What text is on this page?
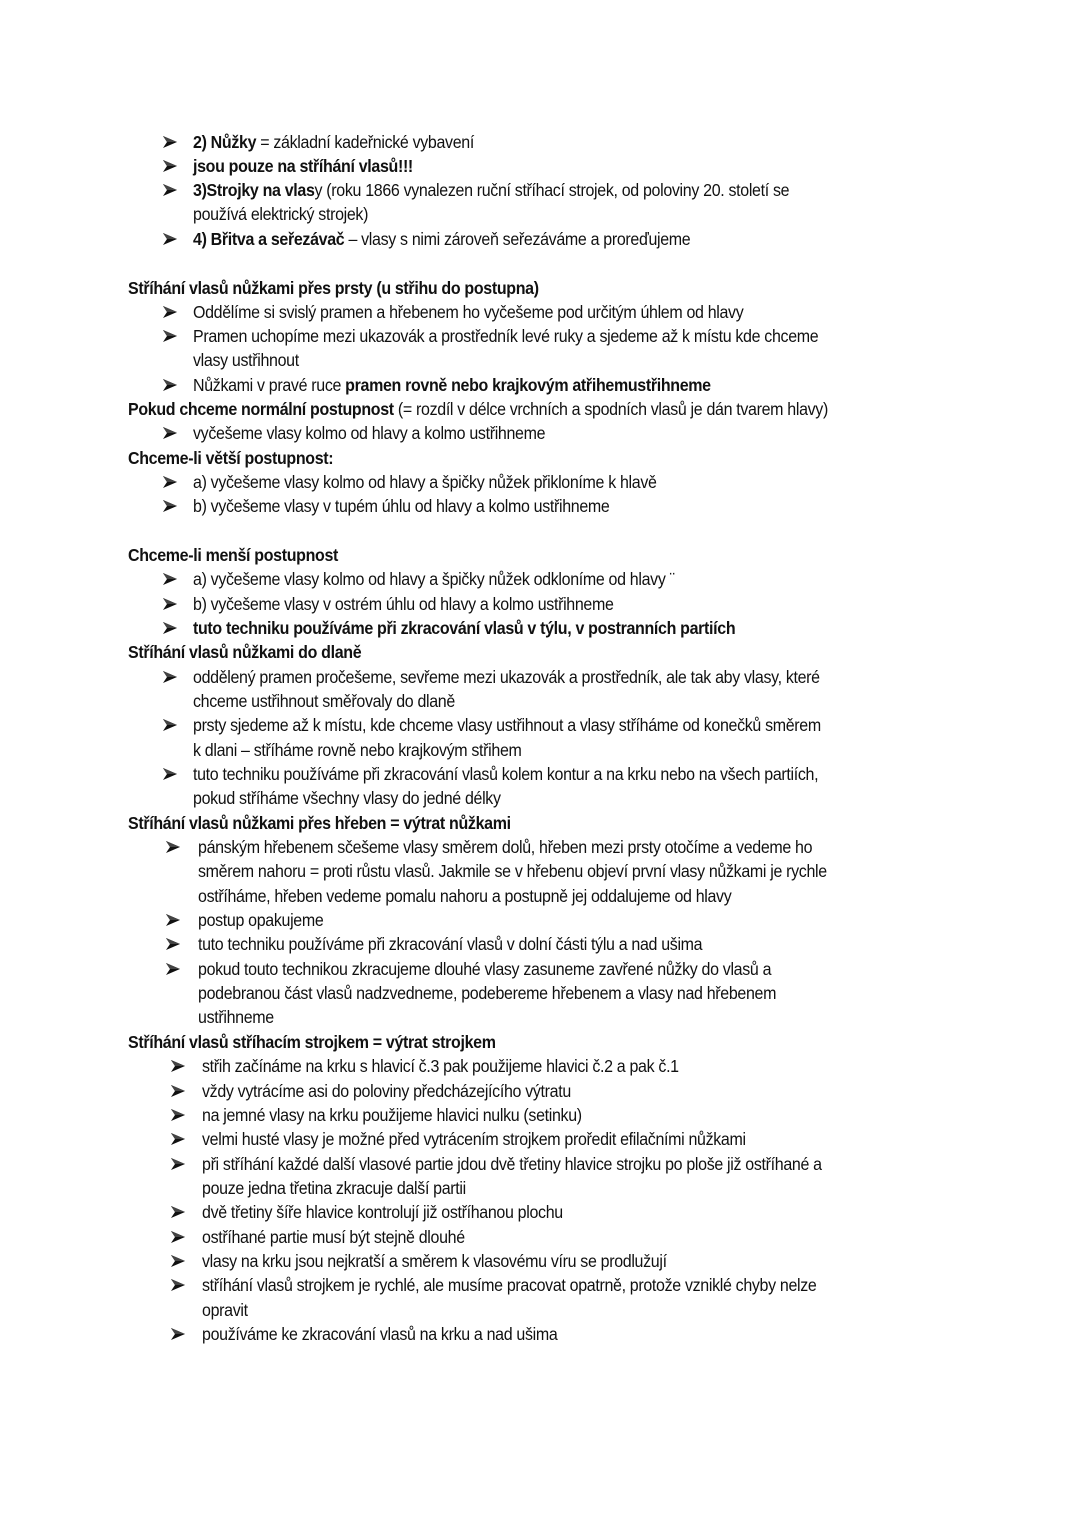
2) Nůžky = základní kadeřnické vybavení
jsou pouze na stříhání vlasů!!!
3)Strojky na vlasy (roku 1866 vynalezen ruční stříhací strojek, od poloviny 20. století se
používá elektrický strojek)
4) Břitva a seřezávač – vlasy s nimi zároveň seřezáváme a proreďujeme
Stříhání vlasů nůžkami přes prsty (u střihu do postupna)
Oddělíme si svislý pramen a hřebenem ho vyčešeme pod určitým úhlem od hlavy
Pramen uchopíme mezi ukazovák a prostředník levé ruky a sjedeme až k místu kde chceme
vlasy ustřihnout
Nůžkami v pravé ruce pramen rovně nebo krajkovým atřihemustřihneme
Pokud chceme normální postupnost (= rozdíl v délce vrchních a spodních vlasů je dán tvarem hlavy)
vyčešeme vlasy kolmo od hlavy a kolmo ustřihneme
Chceme-li větší postupnost:
a) vyčešeme vlasy kolmo od hlavy a špičky nůžek přikloníme k hlavě
b) vyčešeme vlasy v tupém úhlu od hlavy a kolmo ustřihneme
Chceme-li menší postupnost
a) vyčešeme vlasy kolmo od hlavy a špičky nůžek odkloníme od hlavy ¨
b) vyčešeme vlasy v ostrém úhlu od hlavy a kolmo ustřihneme
tuto techniku používáme při zkracování vlasů v týlu, v postranních partiích
Stříhání vlasů nůžkami do dlaně
oddělený pramen pročešeme, sevřeme mezi ukazovák a prostředník, ale tak aby vlasy, které
chceme ustřihnout směřovaly do dlaně
prsty sjedeme až k místu, kde chceme vlasy ustřihnout a vlasy stříháme od konečků směrem
k dlani – stříháme rovně nebo krajkovým střihem
tuto techniku používáme při zkracování vlasů kolem kontur a na krku nebo na všech partiích,
pokud stříháme všechny vlasy do jedné délky
Stříhání vlasů nůžkami přes hřeben = výtrat nůžkami
pánským hřebenem sčešeme vlasy směrem dolů, hřeben mezi prsty otočíme a vedeme ho
směrem nahoru = proti růstu vlasů. Jakmile se v hřebenu objeví první vlasy nůžkami je rychle
ostříháme, hřeben vedeme pomalu nahoru a postupně jej oddalujeme od hlavy
postup opakujeme
tuto techniku používáme při zkracování vlasů v dolní části týlu a nad ušima
pokud touto technikou zkracujeme dlouhé vlasy zasuneme zavřené nůžky do vlasů a
podebranou část vlasů nadzvedneme, podebereme hřebenem a vlasy nad hřebenem
ustřihneme
Stříhání vlasů stříhacím strojkem = výtrat strojkem
střih začínáme na krku s hlavicí č.3 pak použijeme hlavici č.2 a pak č.1
vždy vytrácíme asi do poloviny předcházejícího výtratu
na jemné vlasy na krku použijeme hlavici nulku (setinku)
velmi husté vlasy je možné před vytrácením strojkem proředit efilačními nůžkami
při stříhání každé další vlasové partie jdou dvě třetiny hlavice strojku po ploše již ostříhané a
pouze jedna třetina zkracuje další partii
dvě třetiny šíře hlavice kontrolují již ostříhanou plochu
ostříhané partie musí být stejně dlouhé
vlasy na krku jsou nejkratší a směrem k vlasovému víru se prodlužují
stříhání vlasů strojkem je rychlé, ale musíme pracovat opatrně, protože vzniklé chyby nelze
opravit
používáme ke zkracování vlasů na krku a nad ušima
